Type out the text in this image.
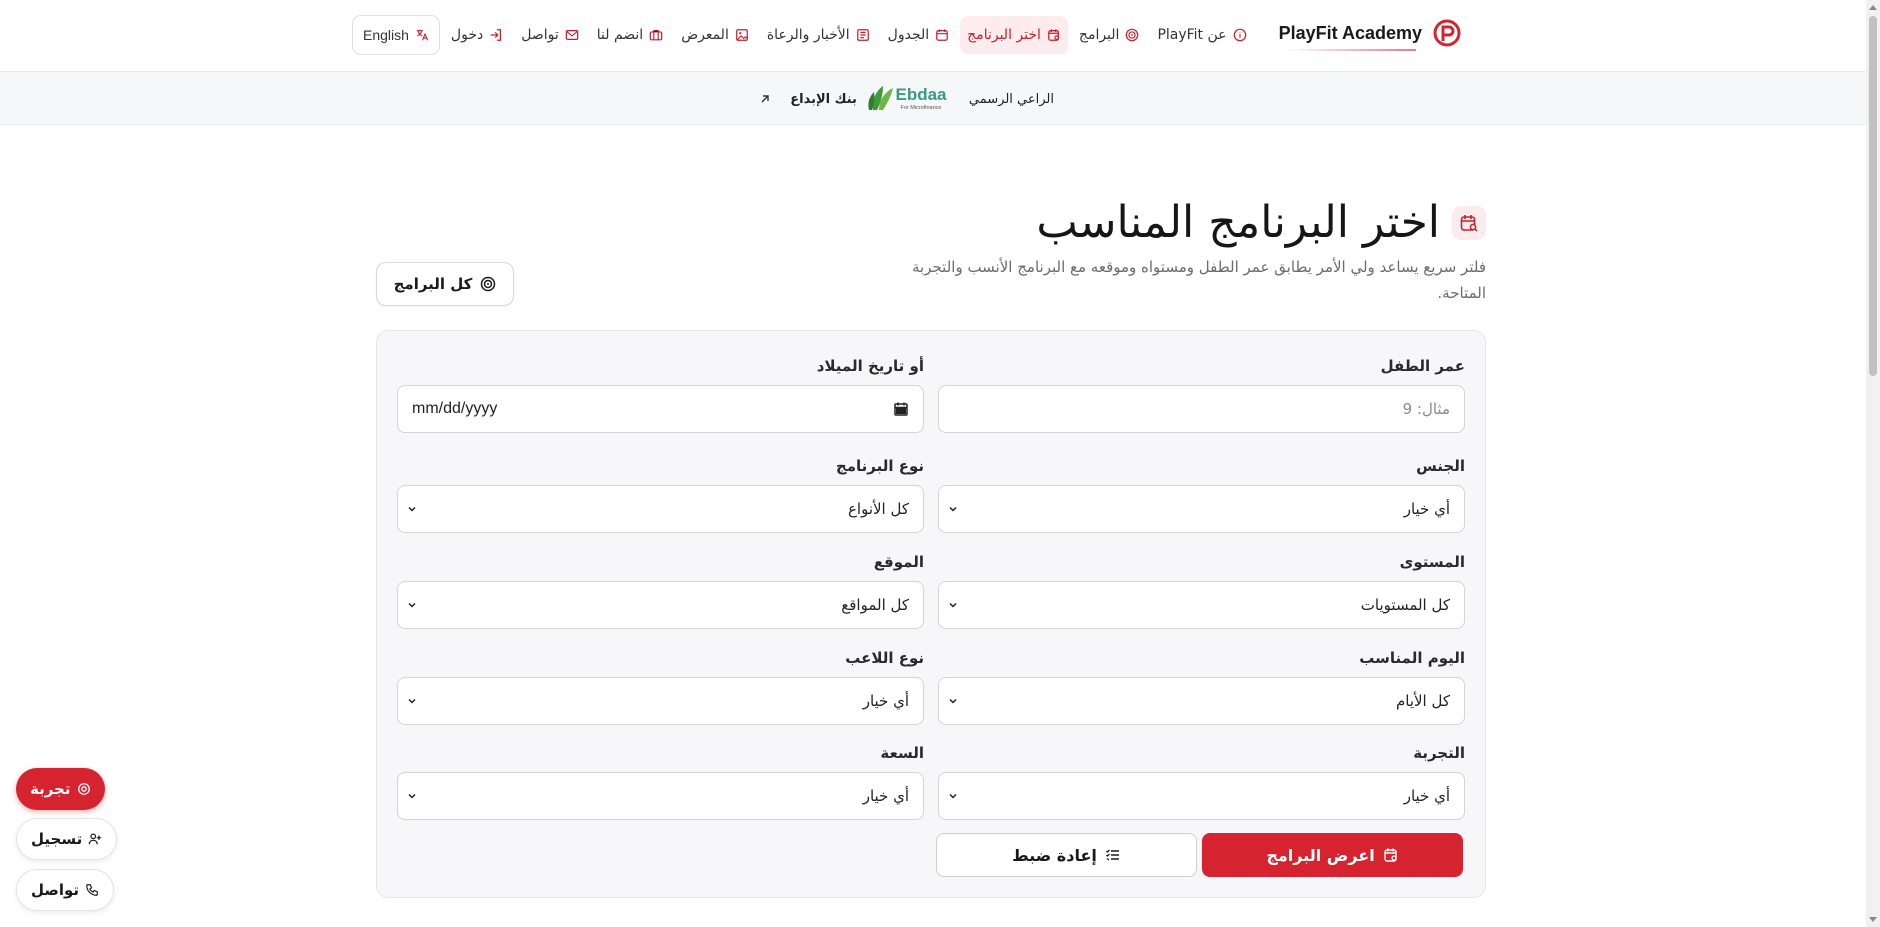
PlayFit Academy
عن PlayFit
البرامج
اختر البرنامج
الجدول
الأخبار والرعاة
المعرض
انضم لنا
تواصل
دخول
English
الراعي الرسمي
Ebdaa
For Microfinance
بنك الإبداع
اختر البرنامج المناسب

فلتر سريع يساعد ولي الأمر يطابق عمر الطفل ومستواه وموقعه مع البرنامج الأنسب والتجربة المتاحة.

كل البرامج
عمر الطفل
مثال: 9
أو تاريخ الميلاد
mm/dd/yyyy
الجنس
أي خيار
نوع البرنامج
كل الأنواع
المستوى
كل المستويات
الموقع
كل المواقع
اليوم المناسب
كل الأيام
نوع اللاعب
أي خيار
التجربة
أي خيار
السعة
أي خيار
اعرض البرامج
إعادة ضبط
تجربة
تسجيل
تواصل
